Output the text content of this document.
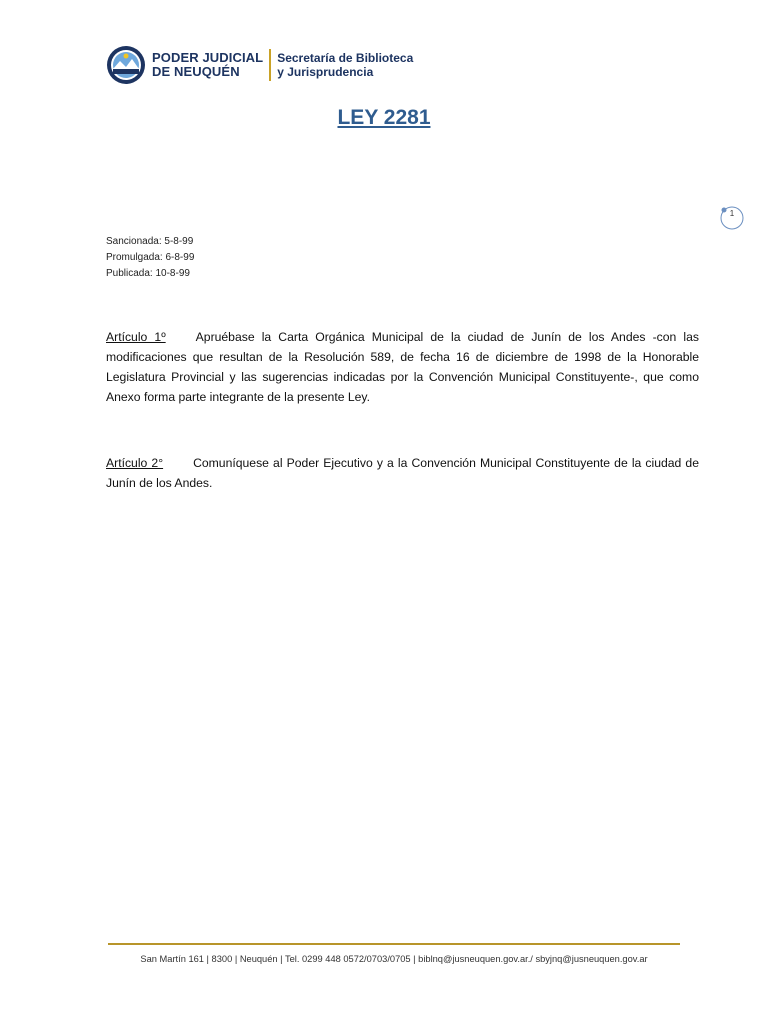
PODER JUDICIAL
DE NEUQUÉN
Secretaría de Biblioteca
y Jurisprudencia
LEY 2281
1
Sancionada: 5-8-99
Promulgada: 6-8-99
Publicada: 10-8-99
Artículo 1º Apruébase la Carta Orgánica Municipal de la ciudad de Junín de los Andes -con las modificaciones que resultan de la Resolución 589, de fecha 16 de diciembre de 1998 de la Honorable Legislatura Provincial y las sugerencias indicadas por la Convención Municipal Constituyente-, que como Anexo forma parte integrante de la presente Ley.
Artículo 2° Comuníquese al Poder Ejecutivo y a la Convención Municipal Constituyente de la ciudad de Junín de los Andes.
San Martín 161 | 8300 | Neuquén | Tel. 0299 448 0572/0703/0705 | biblnq@jusneuquen.gov.ar./ sbyjnq@jusneuquen.gov.ar
